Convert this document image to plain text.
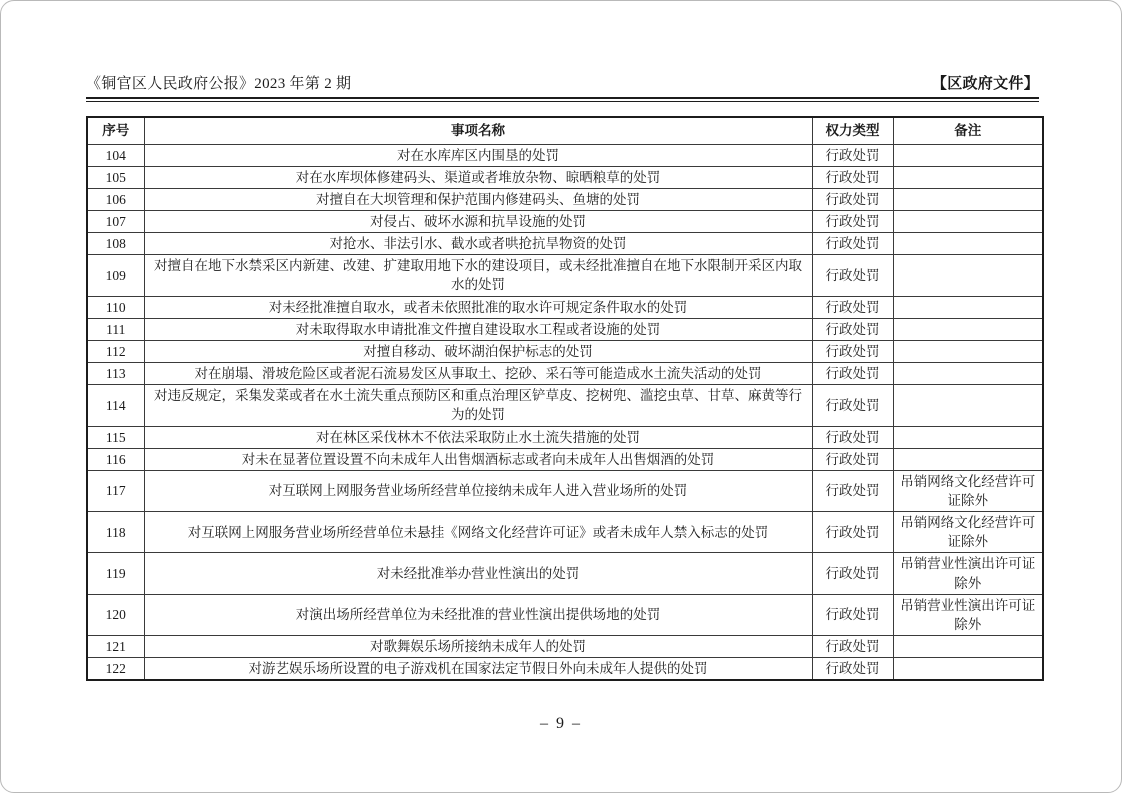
《铜官区人民政府公报》2023 年第 2 期	【区政府文件】
序号	事项名称	权力类型	备注
104	对在水库库区内围垦的处罚	行政处罚	
105	对在水库坝体修建码头、渠道或者堆放杂物、晾晒粮草的处罚	行政处罚	
106	对擅自在大坝管理和保护范围内修建码头、鱼塘的处罚	行政处罚	
107	对侵占、破坏水源和抗旱设施的处罚	行政处罚	
108	对抢水、非法引水、截水或者哄抢抗旱物资的处罚	行政处罚	
109	对擅自在地下水禁采区内新建、改建、扩建取用地下水的建设项目，或未经批准擅自在地下水限制开采区内取水的处罚	行政处罚	
110	对未经批准擅自取水，或者未依照批准的取水许可规定条件取水的处罚	行政处罚	
111	对未取得取水申请批准文件擅自建设取水工程或者设施的处罚	行政处罚	
112	对擅自移动、破坏湖泊保护标志的处罚	行政处罚	
113	对在崩塌、滑坡危险区或者泥石流易发区从事取土、挖砂、采石等可能造成水土流失活动的处罚	行政处罚	
114	对违反规定，采集发菜或者在水土流失重点预防区和重点治理区铲草皮、挖树兜、滥挖虫草、甘草、麻黄等行为的处罚	行政处罚	
115	对在林区采伐林木不依法采取防止水土流失措施的处罚	行政处罚	
116	对未在显著位置设置不向未成年人出售烟酒标志或者向未成年人出售烟酒的处罚	行政处罚	
117	对互联网上网服务营业场所经营单位接纳未成年人进入营业场所的处罚	行政处罚	吊销网络文化经营许可证除外
118	对互联网上网服务营业场所经营单位未悬挂《网络文化经营许可证》或者未成年人禁入标志的处罚	行政处罚	吊销网络文化经营许可证除外
119	对未经批准举办营业性演出的处罚	行政处罚	吊销营业性演出许可证除外
120	对演出场所经营单位为未经批准的营业性演出提供场地的处罚	行政处罚	吊销营业性演出许可证除外
121	对歌舞娱乐场所接纳未成年人的处罚	行政处罚	
122	对游艺娱乐场所设置的电子游戏机在国家法定节假日外向未成年人提供的处罚	行政处罚	
– 9 –
